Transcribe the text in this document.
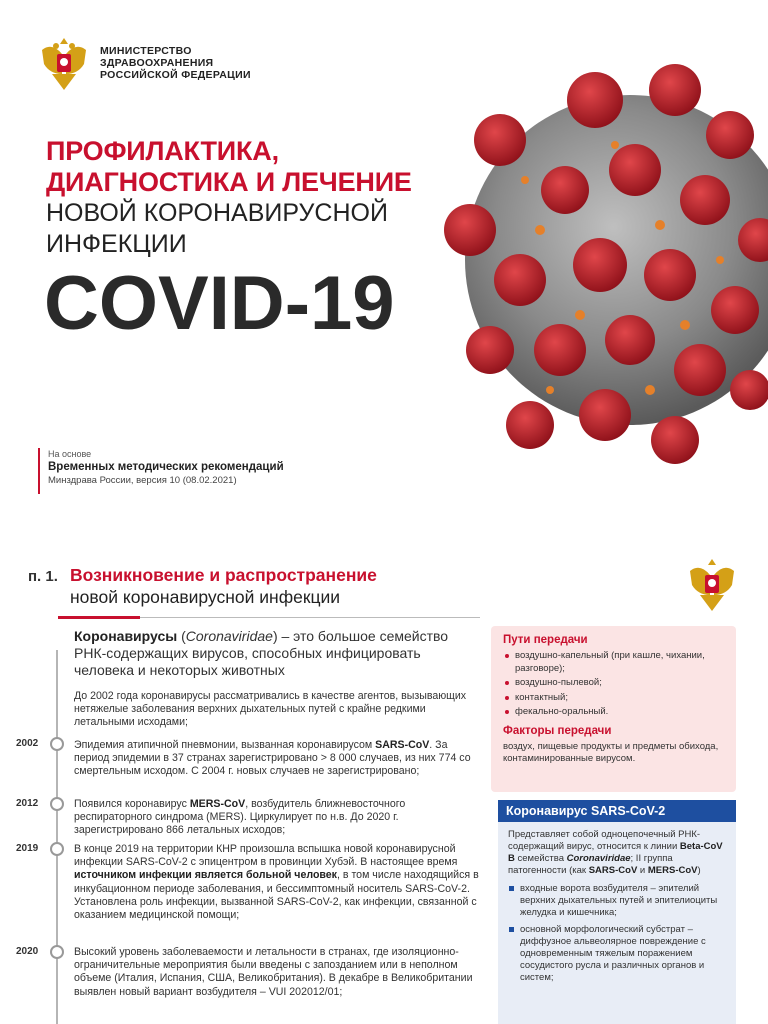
МИНИСТЕРСТВО
ЗДРАВООХРАНЕНИЯ
РОССИЙСКОЙ ФЕДЕРАЦИИ
ПРОФИЛАКТИКА,
ДИАГНОСТИКА И ЛЕЧЕНИЕ
НОВОЙ КОРОНАВИРУСНОЙ
ИНФЕКЦИИ
COVID-19
На основе
Временных методических рекомендаций
Минздрава России, версия 10 (08.02.2021)
п. 1. Возникновение и распространение
новой коронавирусной инфекции
Коронавирусы (Coronaviridae) – это большое семейство РНК-содержащих вирусов, способных инфицировать человека и некоторых животных
До 2002 года коронавирусы рассматривались в качестве агентов, вызывающих нетяжелые заболевания верхних дыхательных путей с крайне редкими летальными исходами;
2002	Эпидемия атипичной пневмонии, вызванная коронавирусом SARS-CoV. За период эпидемии в 37 странах зарегистрировано > 8 000 случаев, из них 774 со смертельным исходом. С 2004 г. новых случаев не зарегистрировано;
2012	Появился коронавирус MERS-CoV, возбудитель ближневосточного респираторного синдрома (MERS). Циркулирует по н.в. До 2020 г. зарегистрировано 866 летальных исходов;
2019	В конце 2019 на территории КНР произошла вспышка новой коронавирусной инфекции SARS-CoV-2 с эпицентром в провинции Хубэй. В настоящее время источником инфекции является больной человек, в том числе находящийся в инкубационном периоде заболевания, и бессимптомный носитель SARS-CoV-2. Установлена роль инфекции, вызванной SARS-CoV-2, как инфекции, связанной с оказанием медицинской помощи;
2020	Высокий уровень заболеваемости и летальности в странах, где изоляционно-ограничительные мероприятия были введены с запозданием или в неполном объеме (Италия, Испания, США, Великобритания). В декабре в Великобритании выявлен новый вариант возбудителя – VUI 202012/01;
Пути передачи
воздушно-капельный (при кашле, чихании, разговоре);
воздушно-пылевой;
контактный;
фекально-оральный.
Факторы передачи
воздух, пищевые продукты и предметы обихода, контаминированные вирусом.
Коронавирус SARS-CoV-2
Представляет собой одноцепочечный РНК-содержащий вирус, относится к линии Beta-CoV B семейства Coronaviridae; II группа патогенности (как SARS-CoV и MERS-CoV)
входные ворота возбудителя – эпителий верхних дыхательных путей и эпителиоциты желудка и кишечника;
основной морфологический субстрат – диффузное альвеолярное повреждение с одновременным тяжелым поражением сосудистого русла и различных органов и систем;
